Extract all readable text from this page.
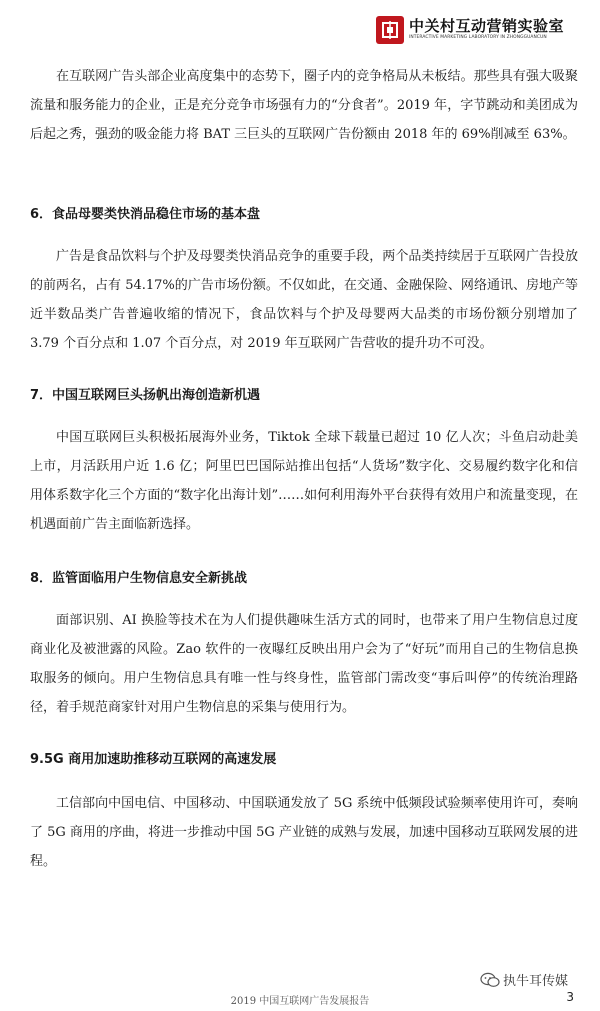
中关村互动营销实验室
INTERACTIVE MARKETING LABORATORY IN ZHONGGUANCUN

在互联网广告头部企业高度集中的态势下，圈子内的竞争格局从未板结。那些具有强大吸聚流量和服务能力的企业，正是充分竞争市场强有力的“分食者”。2019 年，字节跳动和美团成为后起之秀，强劲的吸金能力将 BAT 三巨头的互联网广告份额由 2018 年的 69%削减至 63%。

6．食品母婴类快消品稳住市场的基本盘

广告是食品饮料与个护及母婴类快消品竞争的重要手段，两个品类持续居于互联网广告投放的前两名，占有 54.17%的广告市场份额。不仅如此，在交通、金融保险、网络通讯、房地产等近半数品类广告普遍收缩的情况下，食品饮料与个护及母婴两大品类的市场份额分别增加了 3.79 个百分点和 1.07 个百分点，对 2019 年互联网广告营收的提升功不可没。

7．中国互联网巨头扬帆出海创造新机遇

中国互联网巨头积极拓展海外业务，Tiktok 全球下载量已超过 10 亿人次；斗鱼启动赴美上市，月活跃用户近 1.6 亿；阿里巴巴国际站推出包括“人货场”数字化、交易履约数字化和信用体系数字化三个方面的“数字化出海计划”……如何利用海外平台获得有效用户和流量变现，在机遇面前广告主面临新选择。

8．监管面临用户生物信息安全新挑战

面部识别、AI 换脸等技术在为人们提供趣味生活方式的同时，也带来了用户生物信息过度商业化及被泄露的风险。Zao 软件的一夜曝红反映出用户会为了“好玩”而用自己的生物信息换取服务的倾向。用户生物信息具有唯一性与终身性，监管部门需改变“事后叫停”的传统治理路径，着手规范商家针对用户生物信息的采集与使用行为。

9.5G 商用加速助推移动互联网的高速发展

工信部向中国电信、中国移动、中国联通发放了 5G 系统中低频段试验频率使用许可，奏响了 5G 商用的序曲，将进一步推动中国 5G 产业链的成熟与发展，加速中国移动互联网发展的进程。

执牛耳传媒
2019 中国互联网广告发展报告	3
